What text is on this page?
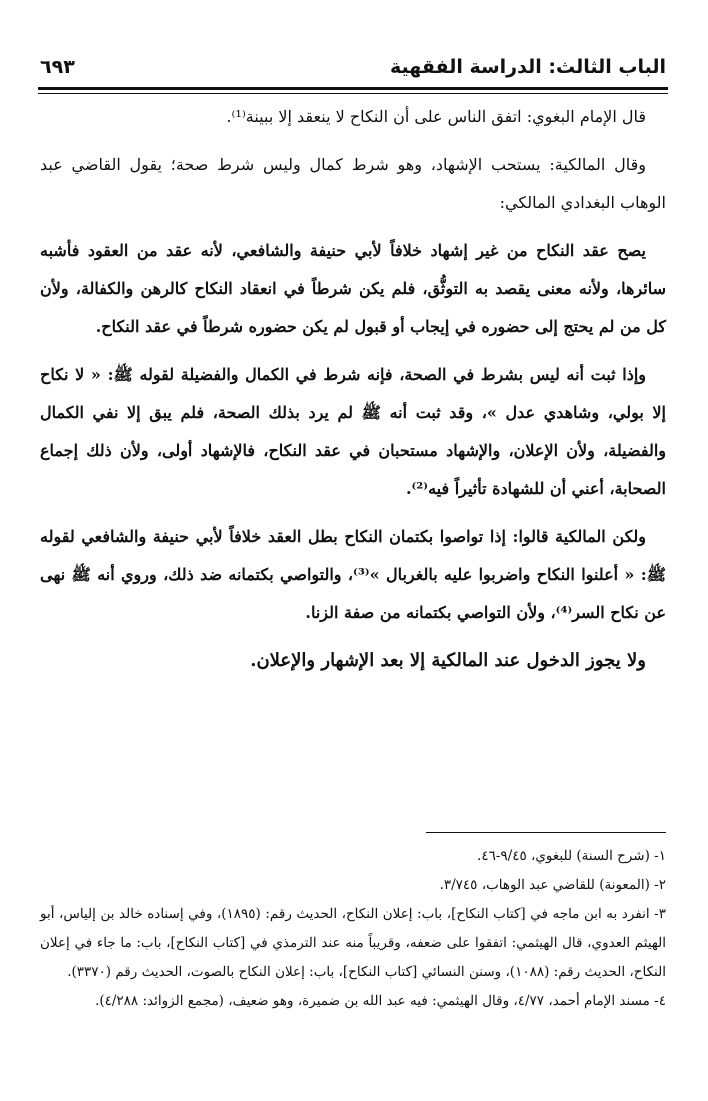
الباب الثالث: الدراسة الفقهية
٦٩٣

قال الإمام البغوي: اتفق الناس على أن النكاح لا ينعقد إلا ببينة⁽¹⁾.

وقال المالكية: يستحب الإشهاد، وهو شرط كمال وليس شرط صحة؛ يقول القاضي عبد الوهاب البغدادي المالكي:

يصح عقد النكاح من غير إشهاد خلافاً لأبي حنيفة والشافعي، لأنه عقد من العقود فأشبه سائرها، ولأنه معنى يقصد به التوثُّق، فلم يكن شرطاً في انعقاد النكاح كالرهن والكفالة، ولأن كل من لم يحتج إلى حضوره في إيجاب أو قبول لم يكن حضوره شرطاً في عقد النكاح.

وإذا ثبت أنه ليس بشرط في الصحة، فإنه شرط في الكمال والفضيلة لقوله ﷺ: « لا نكاح إلا بولي، وشاهدي عدل »، وقد ثبت أنه ﷺ لم يرد بذلك الصحة، فلم يبق إلا نفي الكمال والفضيلة، ولأن الإعلان، والإشهاد مستحبان في عقد النكاح، فالإشهاد أولى، ولأن ذلك إجماع الصحابة، أعني أن للشهادة تأثيراً فيه⁽²⁾.

ولكن المالكية قالوا: إذا تواصوا بكتمان النكاح بطل العقد خلافاً لأبي حنيفة والشافعي لقوله ﷺ: « أعلنوا النكاح واضربوا عليه بالغربال »⁽³⁾، والتواصي بكتمانه ضد ذلك، وروي أنه ﷺ نهى عن نكاح السر⁽⁴⁾، ولأن التواصي بكتمانه من صفة الزنا.

ولا يجوز الدخول عند المالكية إلا بعد الإشهار والإعلان.

١- (شرح السنة) للبغوي، ٩/٤٥-٤٦.

٢- (المعونة) للقاضي عبد الوهاب، ٣/٧٤٥.

٣- انفرد به ابن ماجه في [كتاب النكاح]، باب: إعلان النكاح، الحديث رقم: (١٨٩٥)، وفي إسناده خالد بن إلياس، أبو الهيثم العدوي، قال الهيثمي: اتفقوا على ضعفه، وقريباً منه عند الترمذي في [كتاب النكاح]، باب: ما جاء في إعلان النكاح، الحديث رقم: (١٠٨٨)، وسنن النسائي [كتاب النكاح]، باب: إعلان النكاح بالصوت، الحديث رقم (٣٣٧٠).

٤- مسند الإمام أحمد، ٤/٧٧، وقال الهيثمي: فيه عبد الله بن ضميرة، وهو ضعيف، (مجمع الزوائد: ٤/٢٨٨).
